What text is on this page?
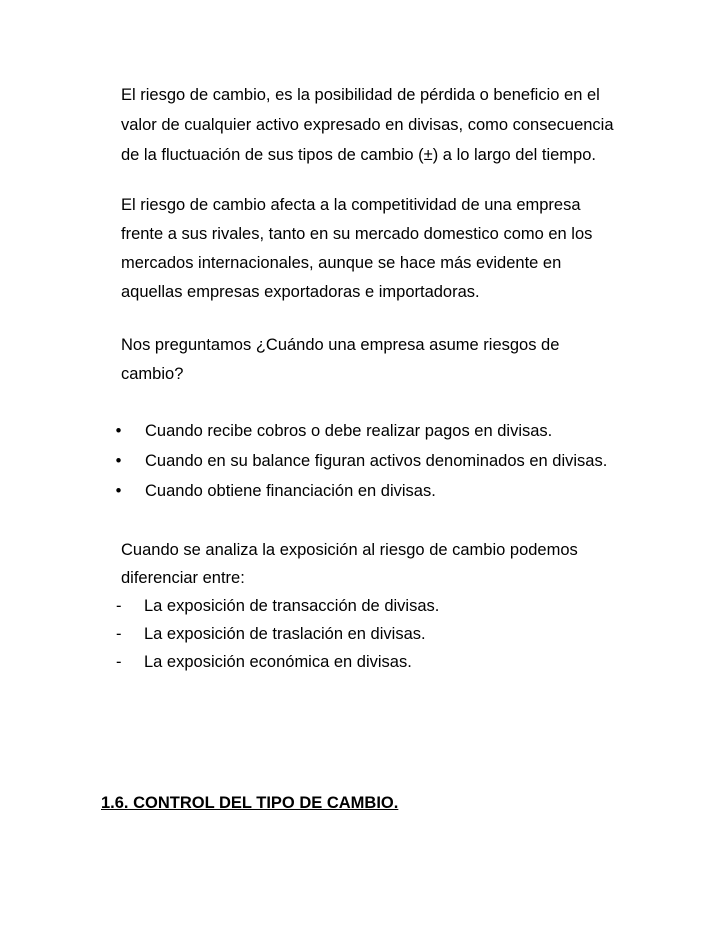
El riesgo de cambio, es la posibilidad de pérdida o beneficio en el
valor de cualquier activo expresado en divisas, como consecuencia
de la fluctuación de sus tipos de cambio (±) a lo largo del tiempo.
El riesgo de cambio afecta a la competitividad de una empresa
frente a sus rivales, tanto en su mercado domestico como en los
mercados internacionales, aunque se hace más evidente en
aquellas empresas exportadoras e importadoras.
Nos preguntamos ¿Cuándo una empresa asume riesgos de
cambio?
• Cuando recibe cobros o debe realizar pagos en divisas.
• Cuando en su balance figuran activos denominados en divisas.
• Cuando obtiene financiación en divisas.
Cuando se analiza la exposición al riesgo de cambio podemos
diferenciar entre:
- La exposición de transacción de divisas.
- La exposición de traslación en divisas.
- La exposición económica en divisas.
1.6. CONTROL DEL TIPO DE CAMBIO.
